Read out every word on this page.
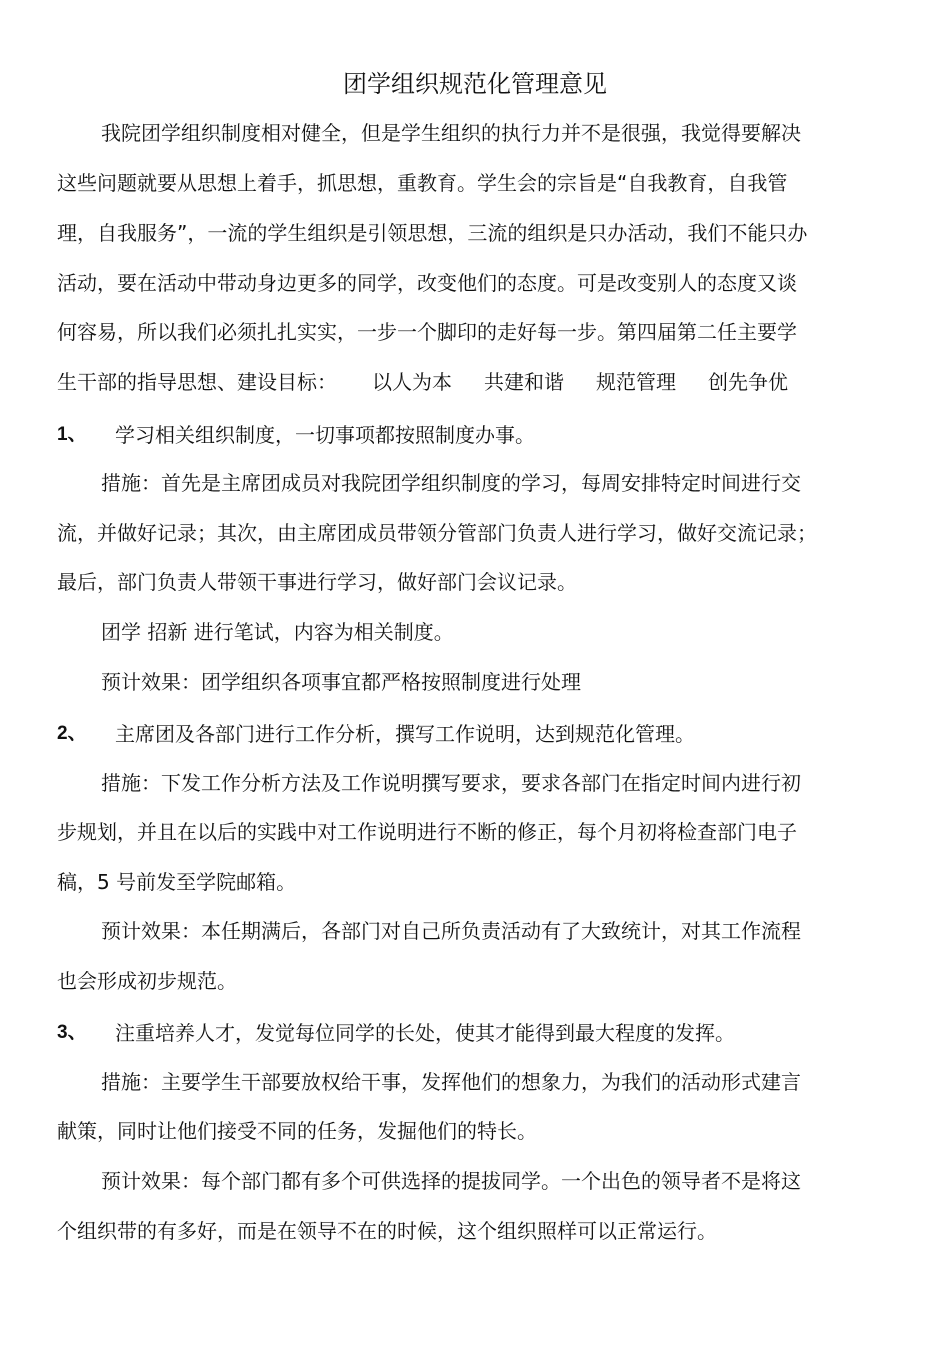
团学组织规范化管理意见
我院团学组织制度相对健全，但是学生组织的执行力并不是很强，我觉得要解决
这些问题就要从思想上着手，抓思想，重教育。学生会的宗旨是“自我教育，自我管
理，自我服务”，一流的学生组织是引领思想，三流的组织是只办活动，我们不能只办
活动，要在活动中带动身边更多的同学，改变他们的态度。可是改变别人的态度又谈
何容易，所以我们必须扎扎实实，一步一个脚印的走好每一步。第四届第二任主要学
生干部的指导思想、建设目标： 以人为本 共建和谐 规范管理 创先争优
1、 学习相关组织制度，一切事项都按照制度办事。
措施：首先是主席团成员对我院团学组织制度的学习，每周安排特定时间进行交
流，并做好记录；其次，由主席团成员带领分管部门负责人进行学习，做好交流记录；
最后，部门负责人带领干事进行学习，做好部门会议记录。
团学 招新 进行笔试，内容为相关制度。
预计效果：团学组织各项事宜都严格按照制度进行处理
2、 主席团及各部门进行工作分析，撰写工作说明，达到规范化管理。
措施：下发工作分析方法及工作说明撰写要求，要求各部门在指定时间内进行初
步规划，并且在以后的实践中对工作说明进行不断的修正，每个月初将检查部门电子
稿，5 号前发至学院邮箱。
预计效果：本任期满后，各部门对自己所负责活动有了大致统计，对其工作流程
也会形成初步规范。
3、 注重培养人才，发觉每位同学的长处，使其才能得到最大程度的发挥。
措施：主要学生干部要放权给干事，发挥他们的想象力，为我们的活动形式建言
献策，同时让他们接受不同的任务，发掘他们的特长。
预计效果：每个部门都有多个可供选择的提拔同学。一个出色的领导者不是将这
个组织带的有多好，而是在领导不在的时候，这个组织照样可以正常运行。
